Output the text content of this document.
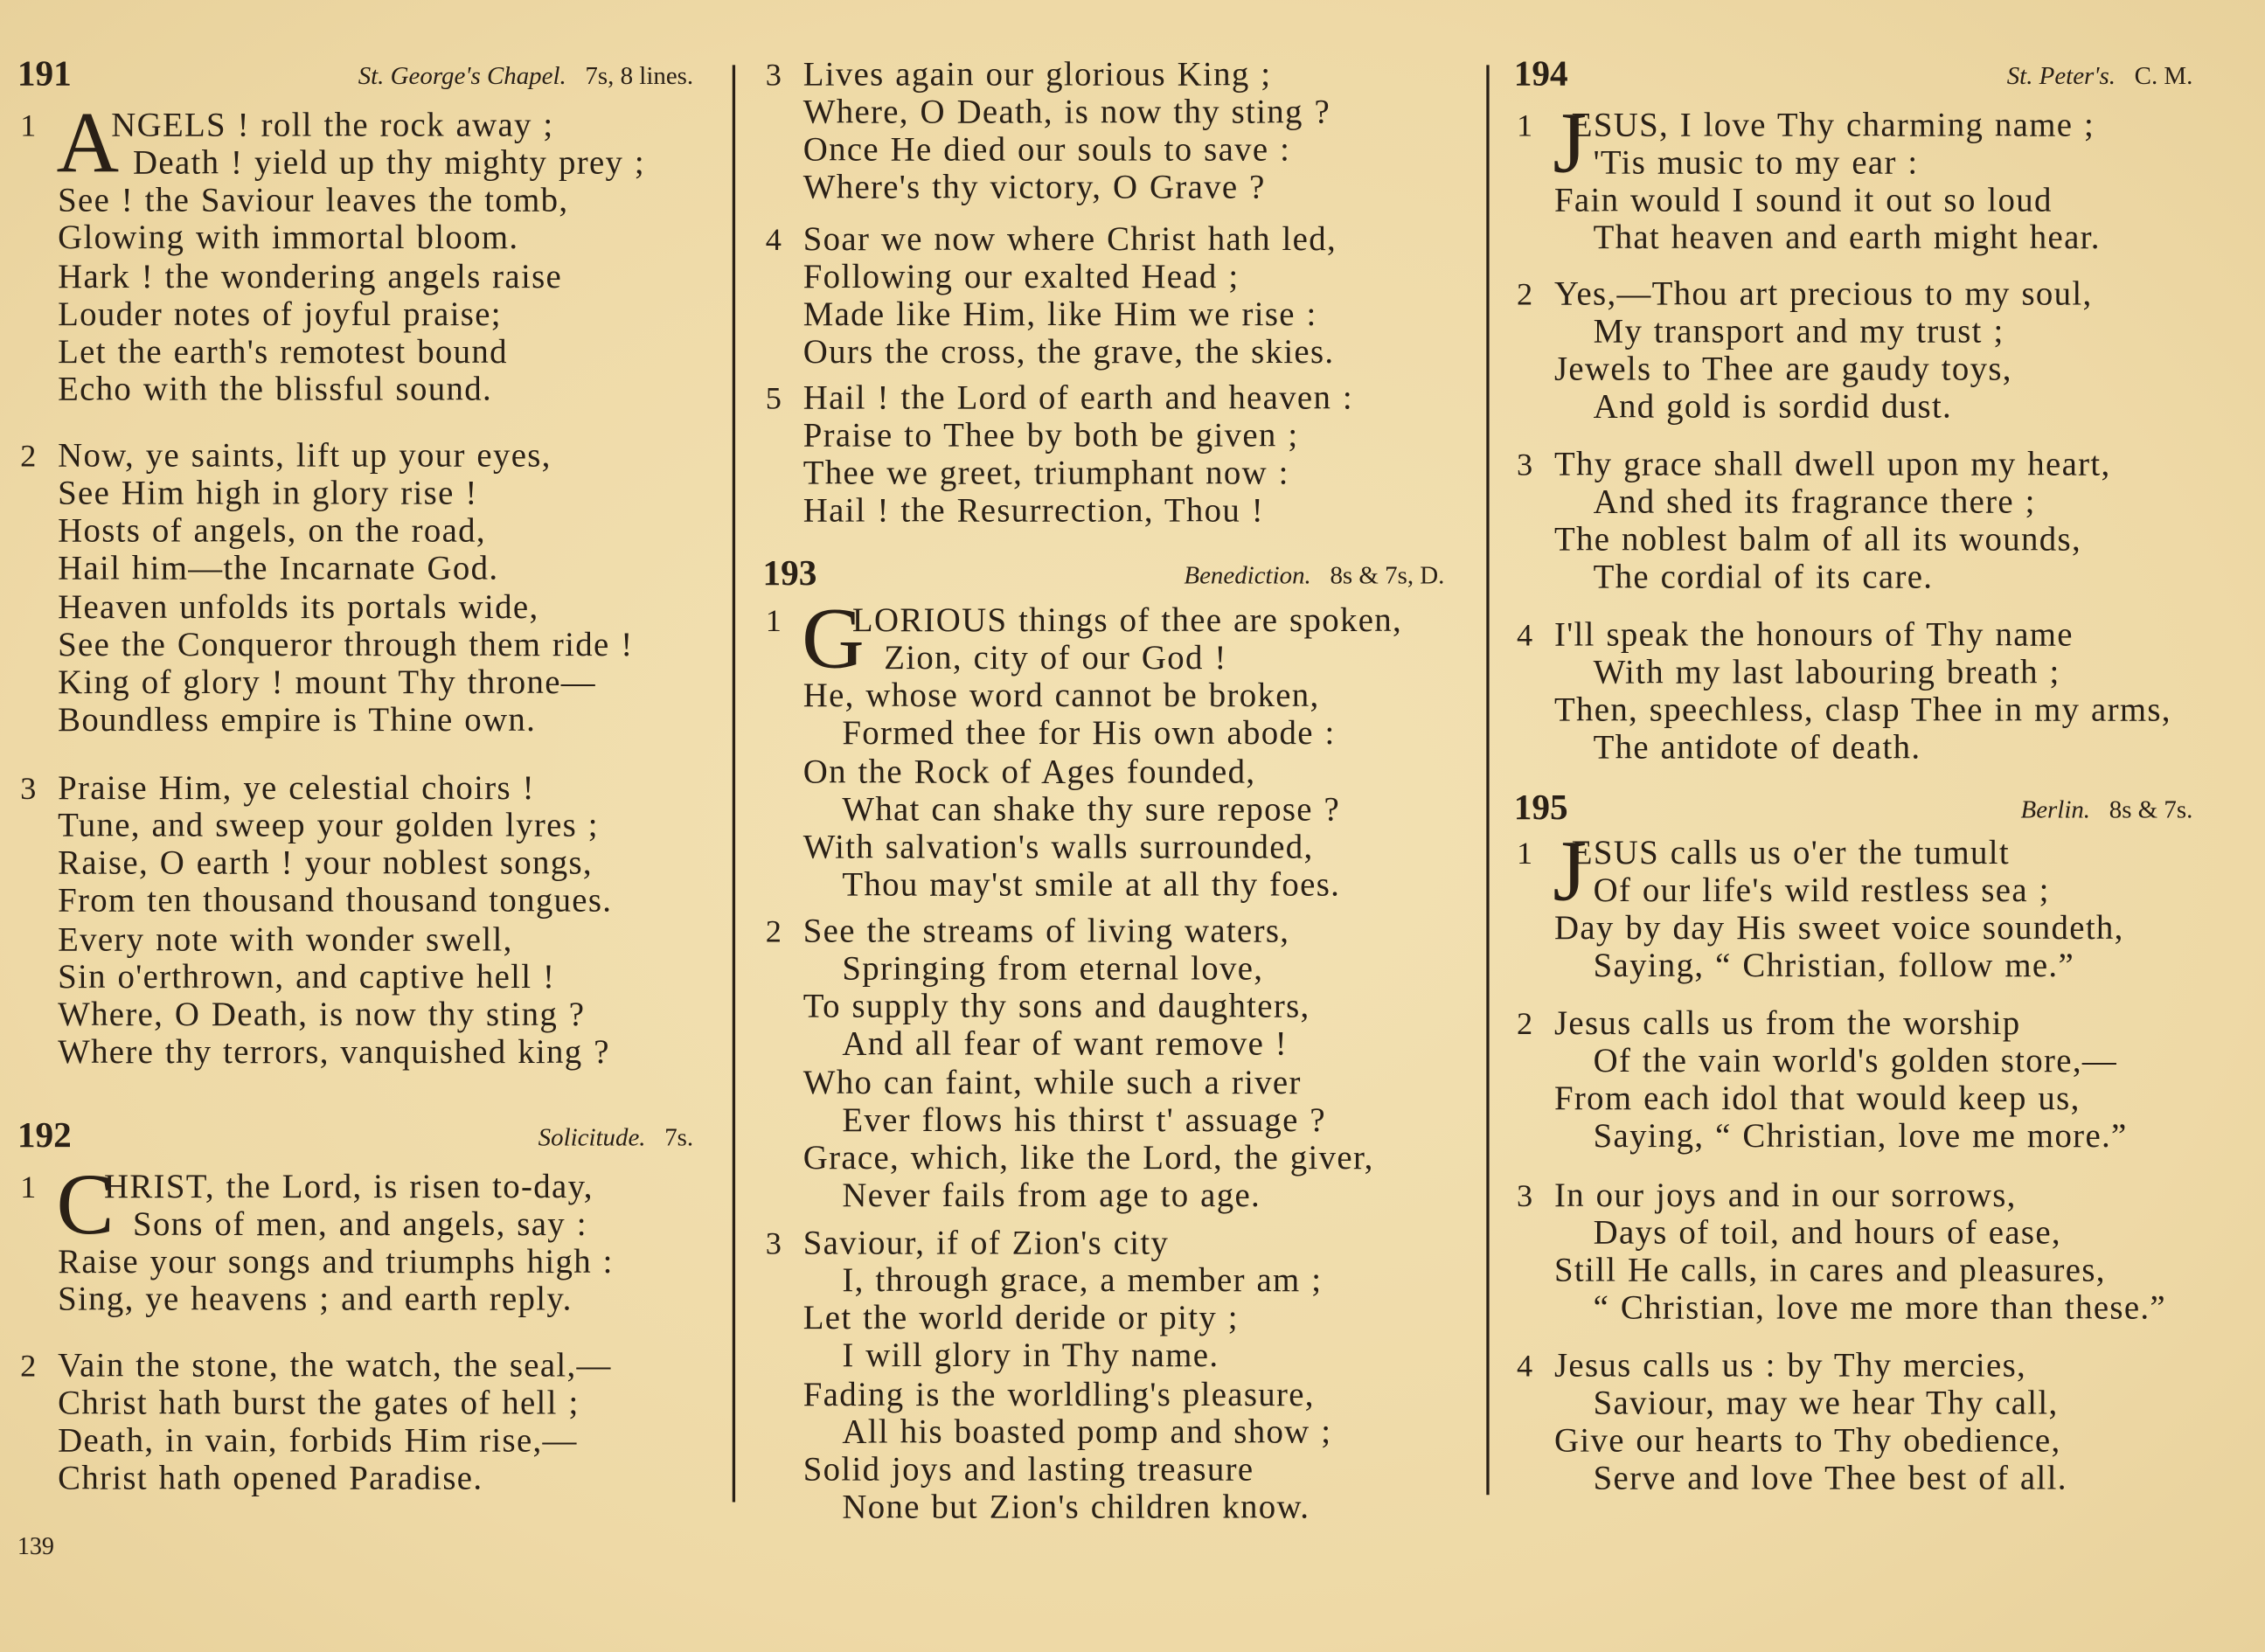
139
191	St. George's Chapel. 7s, 8 lines.
1 A
NGELS ! roll the rock away ;
Death ! yield up thy mighty prey ;
See ! the Saviour leaves the tomb,
Glowing with immortal bloom.
Hark ! the wondering angels raise
Louder notes of joyful praise;
Let the earth's remotest bound
Echo with the blissful sound.
2 Now, ye saints, lift up your eyes,
See Him high in glory rise !
Hosts of angels, on the road,
Hail him—the Incarnate God.
Heaven unfolds its portals wide,
See the Conqueror through them ride !
King of glory ! mount Thy throne—
Boundless empire is Thine own.
3 Praise Him, ye celestial choirs !
Tune, and sweep your golden lyres ;
Raise, O earth ! your noblest songs,
From ten thousand thousand tongues.
Every note with wonder swell,
Sin o'erthrown, and captive hell !
Where, O Death, is now thy sting ?
Where thy terrors, vanquished king ?
192	Solicitude. 7s.
1 C
HRIST, the Lord, is risen to-day,
Sons of men, and angels, say :
Raise your songs and triumphs high :
Sing, ye heavens ; and earth reply.
2 Vain the stone, the watch, the seal,—
Christ hath burst the gates of hell ;
Death, in vain, forbids Him rise,—
Christ hath opened Paradise.
3 Lives again our glorious King ;
Where, O Death, is now thy sting ?
Once He died our souls to save :
Where's thy victory, O Grave ?
4 Soar we now where Christ hath led,
Following our exalted Head ;
Made like Him, like Him we rise :
Ours the cross, the grave, the skies.
5 Hail ! the Lord of earth and heaven :
Praise to Thee by both be given ;
Thee we greet, triumphant now :
Hail ! the Resurrection, Thou !
193	Benediction. 8s & 7s, D.
1 G
LORIOUS things of thee are spoken,
Zion, city of our God !
He, whose word cannot be broken,
Formed thee for His own abode :
On the Rock of Ages founded,
What can shake thy sure repose ?
With salvation's walls surrounded,
Thou may'st smile at all thy foes.
2 See the streams of living waters,
Springing from eternal love,
To supply thy sons and daughters,
And all fear of want remove !
Who can faint, while such a river
Ever flows his thirst t' assuage ?
Grace, which, like the Lord, the giver,
Never fails from age to age.
3 Saviour, if of Zion's city
I, through grace, a member am ;
Let the world deride or pity ;
I will glory in Thy name.
Fading is the worldling's pleasure,
All his boasted pomp and show ;
Solid joys and lasting treasure
None but Zion's children know.
194	St. Peter's. C. M.
1 J
ESUS, I love Thy charming name ;
'Tis music to my ear :
Fain would I sound it out so loud
That heaven and earth might hear.
2 Yes,—Thou art precious to my soul,
My transport and my trust ;
Jewels to Thee are gaudy toys,
And gold is sordid dust.
3 Thy grace shall dwell upon my heart,
And shed its fragrance there ;
The noblest balm of all its wounds,
The cordial of its care.
4 I'll speak the honours of Thy name
With my last labouring breath ;
Then, speechless, clasp Thee in my arms,
The antidote of death.
195	Berlin. 8s & 7s.
1 J
ESUS calls us o'er the tumult
Of our life's wild restless sea ;
Day by day His sweet voice soundeth,
Saying, “ Christian, follow me.”
2 Jesus calls us from the worship
Of the vain world's golden store,—
From each idol that would keep us,
Saying, “ Christian, love me more.”
3 In our joys and in our sorrows,
Days of toil, and hours of ease,
Still He calls, in cares and pleasures,
“ Christian, love me more than these.”
4 Jesus calls us : by Thy mercies,
Saviour, may we hear Thy call,
Give our hearts to Thy obedience,
Serve and love Thee best of all.
